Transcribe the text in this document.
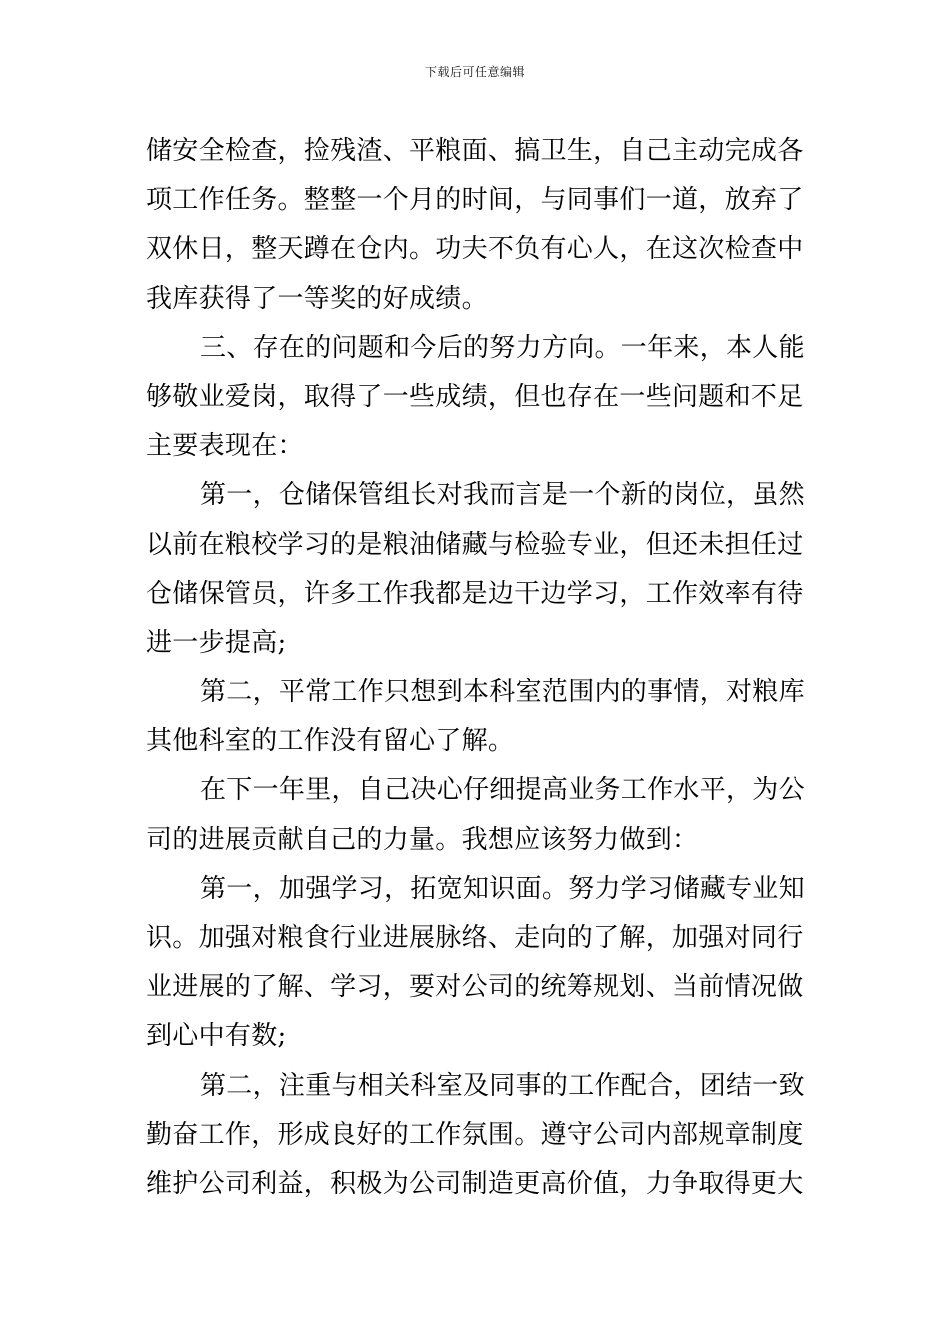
下载后可任意编辑
储安全检查，捡残渣、平粮面、搞卫生，自己主动完成各
项工作任务。整整一个月的时间，与同事们一道，放弃了
双休日，整天蹲在仓内。功夫不负有心人，在这次检查中
我库获得了一等奖的好成绩。
三、存在的问题和今后的努力方向。一年来，本人能
够敬业爱岗，取得了一些成绩，但也存在一些问题和不足
主要表现在：
第一，仓储保管组长对我而言是一个新的岗位，虽然
以前在粮校学习的是粮油储藏与检验专业，但还未担任过
仓储保管员，许多工作我都是边干边学习，工作效率有待
进一步提高;
第二，平常工作只想到本科室范围内的事情，对粮库
其他科室的工作没有留心了解。
在下一年里，自己决心仔细提高业务工作水平，为公
司的进展贡献自己的力量。我想应该努力做到：
第一，加强学习，拓宽知识面。努力学习储藏专业知
识。加强对粮食行业进展脉络、走向的了解，加强对同行
业进展的了解、学习，要对公司的统筹规划、当前情况做
到心中有数;
第二，注重与相关科室及同事的工作配合，团结一致
勤奋工作，形成良好的工作氛围。遵守公司内部规章制度
维护公司利益，积极为公司制造更高价值，力争取得更大
